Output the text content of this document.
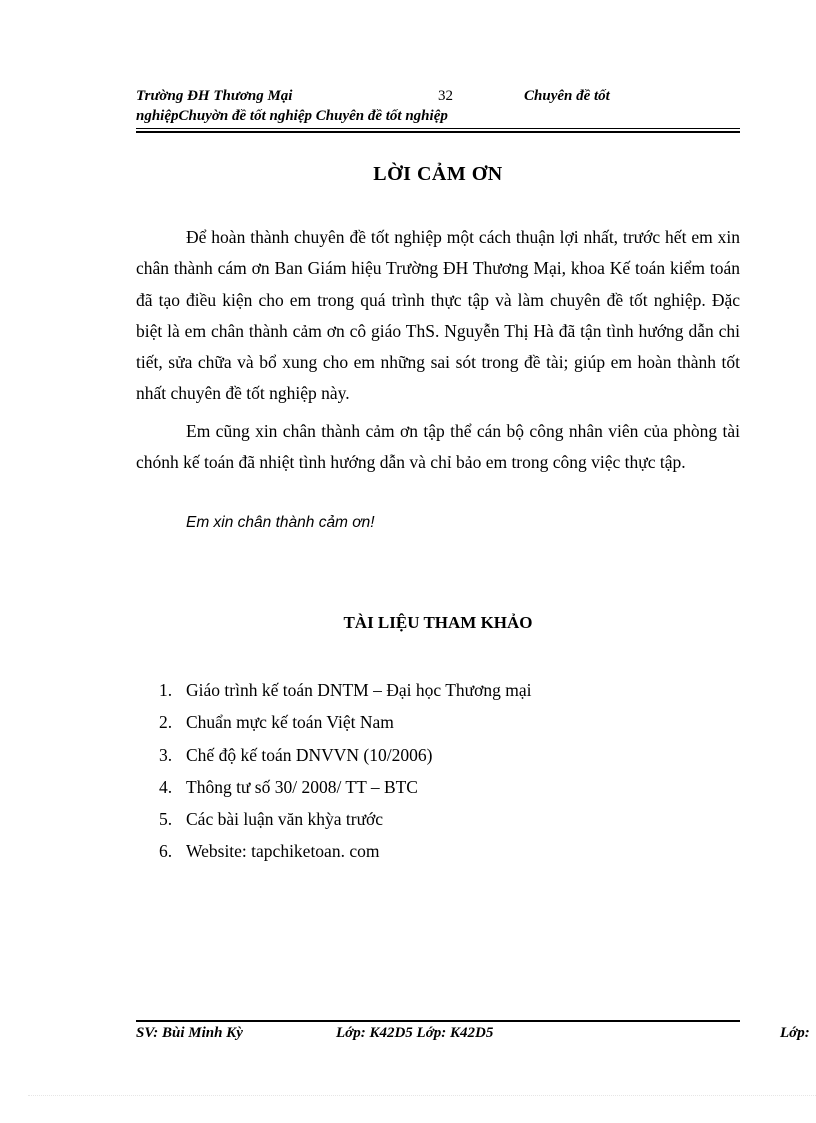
Trường ĐH Thương Mại	32	Chuyên đề tốt
nghiệpChuyờn đề tốt nghiệp Chuyên đề tốt nghiệp
LỜI CẢM ƠN

Để hoàn thành chuyên đề tốt nghiệp một cách thuận lợi nhất, trước hết em xin chân thành cám ơn Ban Giám hiệu Trường ĐH Thương Mại, khoa Kế toán kiểm toán đã tạo điều kiện cho em trong quá trình thực tập và làm chuyên đề tốt nghiệp. Đặc biệt là em chân thành cảm ơn cô giáo ThS. Nguyễn Thị Hà đã tận tình hướng dẫn chi tiết, sửa chữa và bổ xung cho em những sai sót trong đề tài; giúp em hoàn thành tốt nhất chuyên đề tốt nghiệp này.

Em cũng xin chân thành cảm ơn tập thể cán bộ công nhân viên của phòng tài chónh kế toán đã nhiệt tình hướng dẫn và chỉ bảo em trong công việc thực tập.

Em xin chân thành cảm ơn!
TÀI LIỆU THAM KHẢO
1. Giáo trình kế toán DNTM – Đại học Thương mại
2. Chuẩn mực kế toán Việt Nam
3. Chế độ kế toán DNVVN (10/2006)
4. Thông tư số 30/ 2008/ TT – BTC
5. Các bài luận văn khỳa trước
6. Website: tapchiketoan. com
SV: Bùi Minh Kỳ	Lớp: K42D5 Lớp: K42D5	Lớp:
